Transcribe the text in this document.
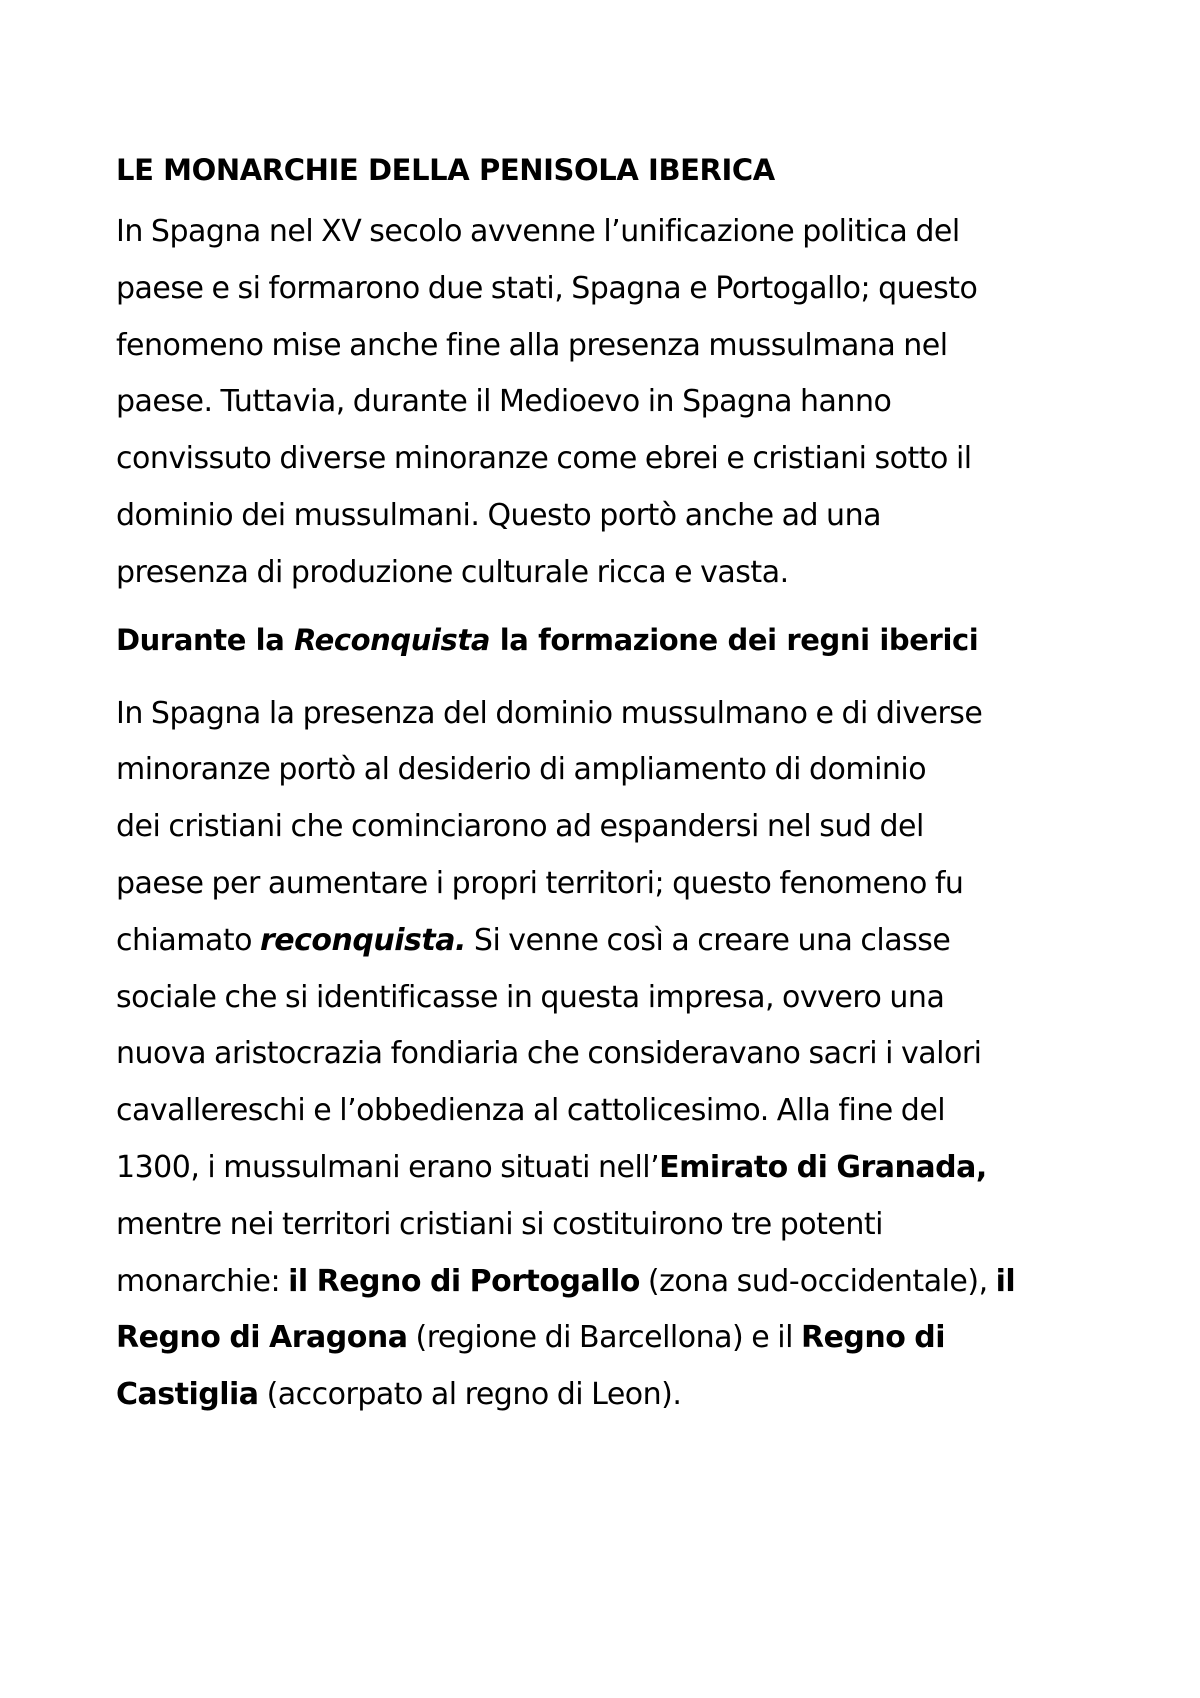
LE MONARCHIE DELLA PENISOLA IBERICA
In Spagna nel XV secolo avvenne l’unificazione politica del
paese e si formarono due stati, Spagna e Portogallo; questo
fenomeno mise anche fine alla presenza mussulmana nel
paese. Tuttavia, durante il Medioevo in Spagna hanno
convissuto diverse minoranze come ebrei e cristiani sotto il
dominio dei mussulmani. Questo portò anche ad una
presenza di produzione culturale ricca e vasta.
Durante la Reconquista la formazione dei regni iberici
In Spagna la presenza del dominio mussulmano e di diverse
minoranze portò al desiderio di ampliamento di dominio
dei cristiani che cominciarono ad espandersi nel sud del
paese per aumentare i propri territori; questo fenomeno fu
chiamato reconquista. Si venne così a creare una classe
sociale che si identificasse in questa impresa, ovvero una
nuova aristocrazia fondiaria che consideravano sacri i valori
cavallereschi e l’obbedienza al cattolicesimo. Alla fine del
1300, i mussulmani erano situati nell’Emirato di Granada,
mentre nei territori cristiani si costituirono tre potenti
monarchie: il Regno di Portogallo (zona sud-occidentale), il
Regno di Aragona (regione di Barcellona) e il Regno di
Castiglia (accorpato al regno di Leon).
